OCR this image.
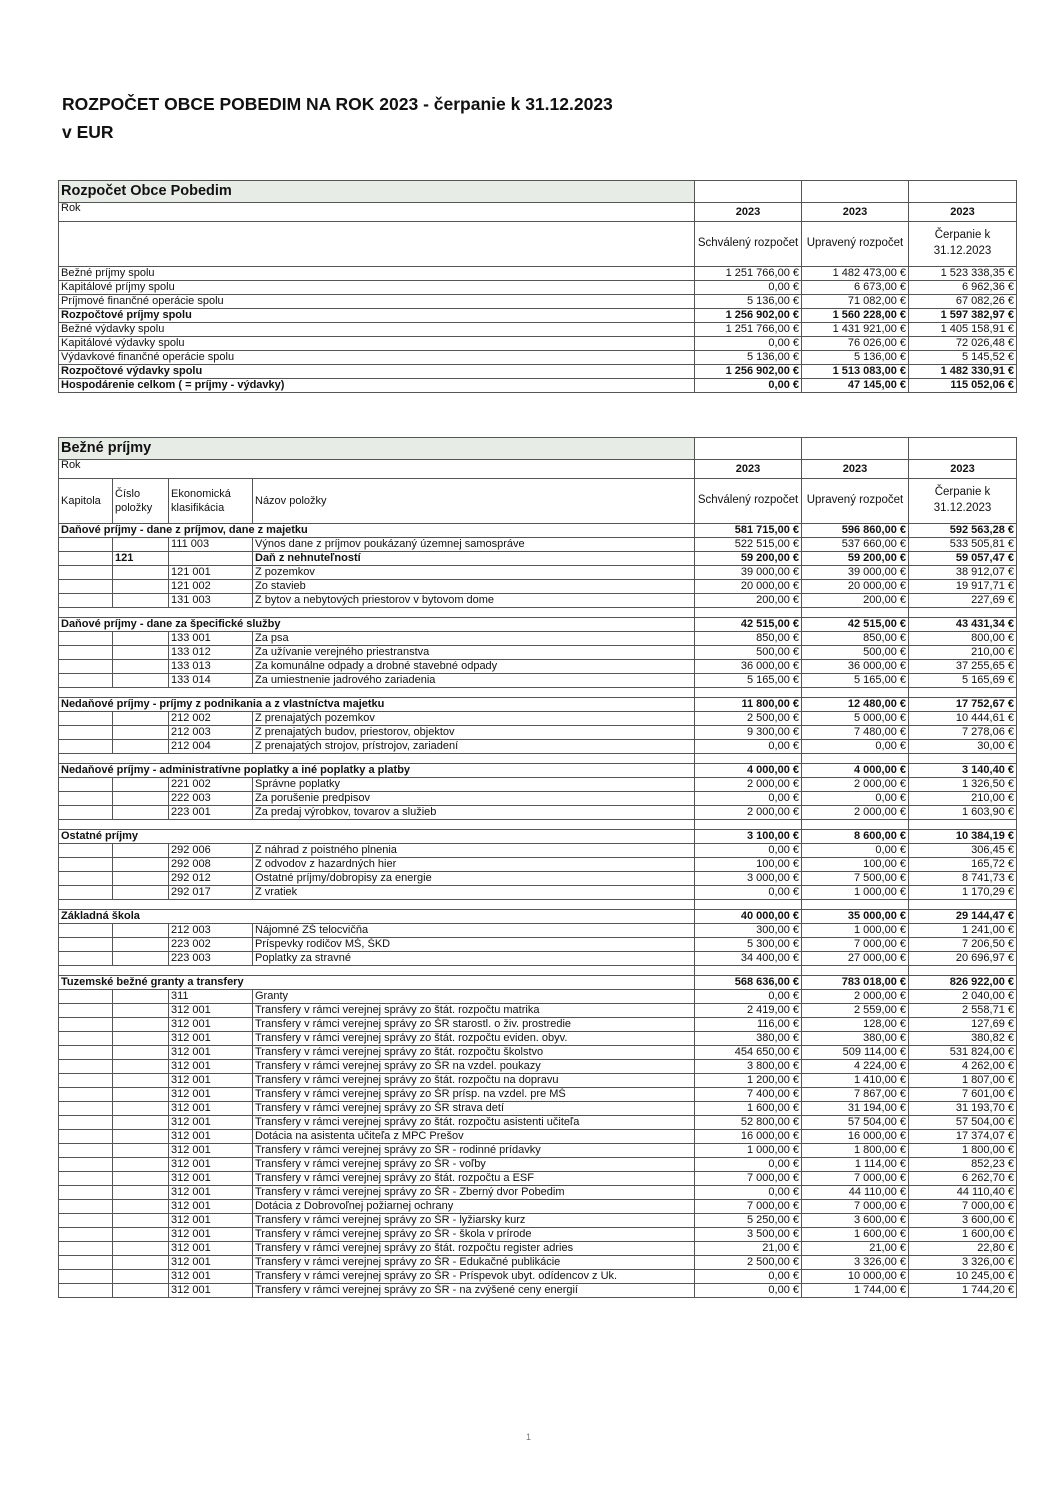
ROZPOČET OBCE POBEDIM NA ROK 2023 - čerpanie k 31.12.2023
v EUR
Rozpočet Obce Pobedim			
Rok	2023	2023	2023
	Schválený rozpočet	Upravený rozpočet	Čerpanie k 31.12.2023
Bežné príjmy spolu	1 251 766,00 €	1 482 473,00 €	1 523 338,35 €
Kapitálové príjmy spolu	0,00 €	6 673,00 €	6 962,36 €
Príjmové finančné operácie spolu	5 136,00 €	71 082,00 €	67 082,26 €
Rozpočtové príjmy spolu	1 256 902,00 €	1 560 228,00 €	1 597 382,97 €
Bežné výdavky spolu	1 251 766,00 €	1 431 921,00 €	1 405 158,91 €
Kapitálové výdavky spolu	0,00 €	76 026,00 €	72 026,48 €
Výdavkové finančné operácie spolu	5 136,00 €	5 136,00 €	5 145,52 €
Rozpočtové výdavky spolu	1 256 902,00 €	1 513 083,00 €	1 482 330,91 €
Hospodárenie celkom ( = príjmy - výdavky)	0,00 €	47 145,00 €	115 052,06 €
Bežné príjmy						
Rok				2023	2023	2023
Kapitola	Číslo položky	Ekonomická klasifikácia	Názov položky	Schválený rozpočet	Upravený rozpočet	Čerpanie k 31.12.2023
Daňové príjmy - dane z príjmov, dane z majetku				581 715,00 €	596 860,00 €	592 563,28 €
		111 003	Výnos dane z príjmov poukázaný územnej samospráve	522 515,00 €	537 660,00 €	533 505,81 €
	121		Daň z nehnuteľností	59 200,00 €	59 200,00 €	59 057,47 €
		121 001	Z pozemkov	39 000,00 €	39 000,00 €	38 912,07 €
		121 002	Zo stavieb	20 000,00 €	20 000,00 €	19 917,71 €
		131 003	Z bytov a nebytových priestorov v bytovom dome	200,00 €	200,00 €	227,69 €

Daňové príjmy - dane za špecifické služby				42 515,00 €	42 515,00 €	43 431,34 €
		133 001	Za psa	850,00 €	850,00 €	800,00 €
		133 012	Za užívanie verejného priestranstva	500,00 €	500,00 €	210,00 €
		133 013	Za komunálne odpady a drobné stavebné odpady	36 000,00 €	36 000,00 €	37 255,65 €
		133 014	Za umiestnenie jadrového zariadenia	5 165,00 €	5 165,00 €	5 165,69 €

Nedaňové príjmy - príjmy z podnikania a z vlastníctva majetku				11 800,00 €	12 480,00 €	17 752,67 €
		212 002	Z prenajatých pozemkov	2 500,00 €	5 000,00 €	10 444,61 €
		212 003	Z prenajatých budov, priestorov, objektov	9 300,00 €	7 480,00 €	7 278,06 €
		212 004	Z prenajatých strojov, prístrojov, zariadení	0,00 €	0,00 €	30,00 €

Nedaňové príjmy - administratívne poplatky a iné poplatky a platby				4 000,00 €	4 000,00 €	3 140,40 €
		221 002	Správne poplatky	2 000,00 €	2 000,00 €	1 326,50 €
		222 003	Za porušenie predpisov	0,00 €	0,00 €	210,00 €
		223 001	Za predaj výrobkov, tovarov a služieb	2 000,00 €	2 000,00 €	1 603,90 €

Ostatné príjmy				3 100,00 €	8 600,00 €	10 384,19 €
		292 006	Z náhrad z poistného plnenia	0,00 €	0,00 €	306,45 €
		292 008	Z odvodov z hazardných hier	100,00 €	100,00 €	165,72 €
		292 012	Ostatné príjmy/dobropisy za energie	3 000,00 €	7 500,00 €	8 741,73 €
		292 017	Z vratiek	0,00 €	1 000,00 €	1 170,29 €

Základná škola				40 000,00 €	35 000,00 €	29 144,47 €
		212 003	Nájomné ZŠ telocvičňa	300,00 €	1 000,00 €	1 241,00 €
		223 002	Príspevky rodičov MŠ, ŠKD	5 300,00 €	7 000,00 €	7 206,50 €
		223 003	Poplatky za stravné	34 400,00 €	27 000,00 €	20 696,97 €

Tuzemské bežné granty a transfery				568 636,00 €	783 018,00 €	826 922,00 €
		311	Granty	0,00 €	2 000,00 €	2 040,00 €
		312 001	Transfery v rámci verejnej správy zo štát. rozpočtu matrika	2 419,00 €	2 559,00 €	2 558,71 €
		312 001	Transfery v rámci verejnej správy zo ŠR starostl. o živ. prostredie	116,00 €	128,00 €	127,69 €
		312 001	Transfery v rámci verejnej správy zo štát. rozpočtu eviden. obyv.	380,00 €	380,00 €	380,82 €
		312 001	Transfery v rámci verejnej správy zo štát. rozpočtu školstvo	454 650,00 €	509 114,00 €	531 824,00 €
		312 001	Transfery v rámci verejnej správy zo ŠR na vzdel. poukazy	3 800,00 €	4 224,00 €	4 262,00 €
		312 001	Transfery v rámci verejnej správy zo štát. rozpočtu na dopravu	1 200,00 €	1 410,00 €	1 807,00 €
		312 001	Transfery v rámci verejnej správy zo ŠR prísp. na vzdel. pre MŠ	7 400,00 €	7 867,00 €	7 601,00 €
		312 001	Transfery v rámci verejnej správy zo ŠR strava detí	1 600,00 €	31 194,00 €	31 193,70 €
		312 001	Transfery v rámci verejnej správy zo štát. rozpočtu asistenti učiteľa	52 800,00 €	57 504,00 €	57 504,00 €
		312 001	Dotácia na asistenta učiteľa z MPC Prešov	16 000,00 €	16 000,00 €	17 374,07 €
		312 001	Transfery v rámci verejnej správy zo ŠR - rodinné prídavky	1 000,00 €	1 800,00 €	1 800,00 €
		312 001	Transfery v rámci verejnej správy zo ŠR - voľby	0,00 €	1 114,00 €	852,23 €
		312 001	Transfery v rámci verejnej správy zo štát. rozpočtu a ESF	7 000,00 €	7 000,00 €	6 262,70 €
		312 001	Transfery v rámci verejnej správy zo ŠR - Zberný dvor Pobedim	0,00 €	44 110,00 €	44 110,40 €
		312 001	Dotácia z Dobrovoľnej požiarnej ochrany	7 000,00 €	7 000,00 €	7 000,00 €
		312 001	Transfery v rámci verejnej správy zo ŠR - lyžiarsky kurz	5 250,00 €	3 600,00 €	3 600,00 €
		312 001	Transfery v rámci verejnej správy zo ŠR - škola v prírode	3 500,00 €	1 600,00 €	1 600,00 €
		312 001	Transfery v rámci verejnej správy zo štát. rozpočtu register adries	21,00 €	21,00 €	22,80 €
		312 001	Transfery v rámci verejnej správy zo ŠR - Edukačné publikácie	2 500,00 €	3 326,00 €	3 326,00 €
		312 001	Transfery v rámci verejnej správy zo ŠR - Príspevok ubyt. odídencov z Uk.	0,00 €	10 000,00 €	10 245,00 €
		312 001	Transfery v rámci verejnej správy zo ŠR - na zvýšené ceny energií	0,00 €	1 744,00 €	1 744,20 €
1
